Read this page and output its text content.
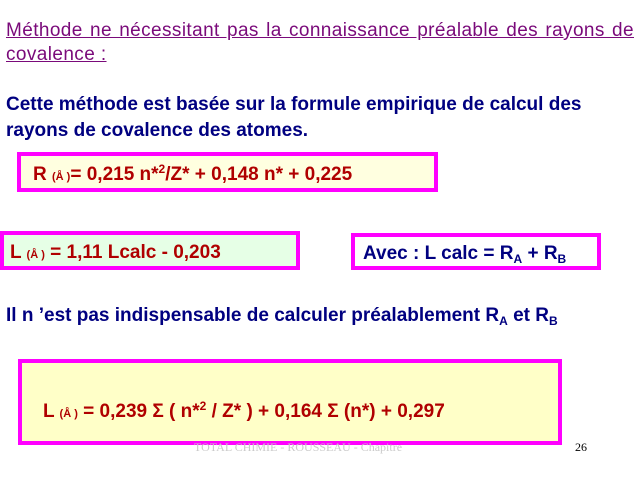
Méthode ne nécessitant pas la connaissance préalable des rayons de covalence :
Cette méthode est basée sur la formule empirique de calcul des rayons de covalence des atomes.
R (Å )= 0,215 n*$^2$/Z* + 0,148 n* + 0,225
L (Å ) = 1,11 Lcalc - 0,203	Avec : L calc = $R_A + R_B$
Il n ’est pas indispensable de calculer préalablement $R_A$ et $R_B$
L (Å ) = 0,239 Σ ( n*$^2$ / Z* ) + 0,164 Σ (n*) + 0,297
TOTAL CHIMIE - ROUSSEAU - Chapitre	26
